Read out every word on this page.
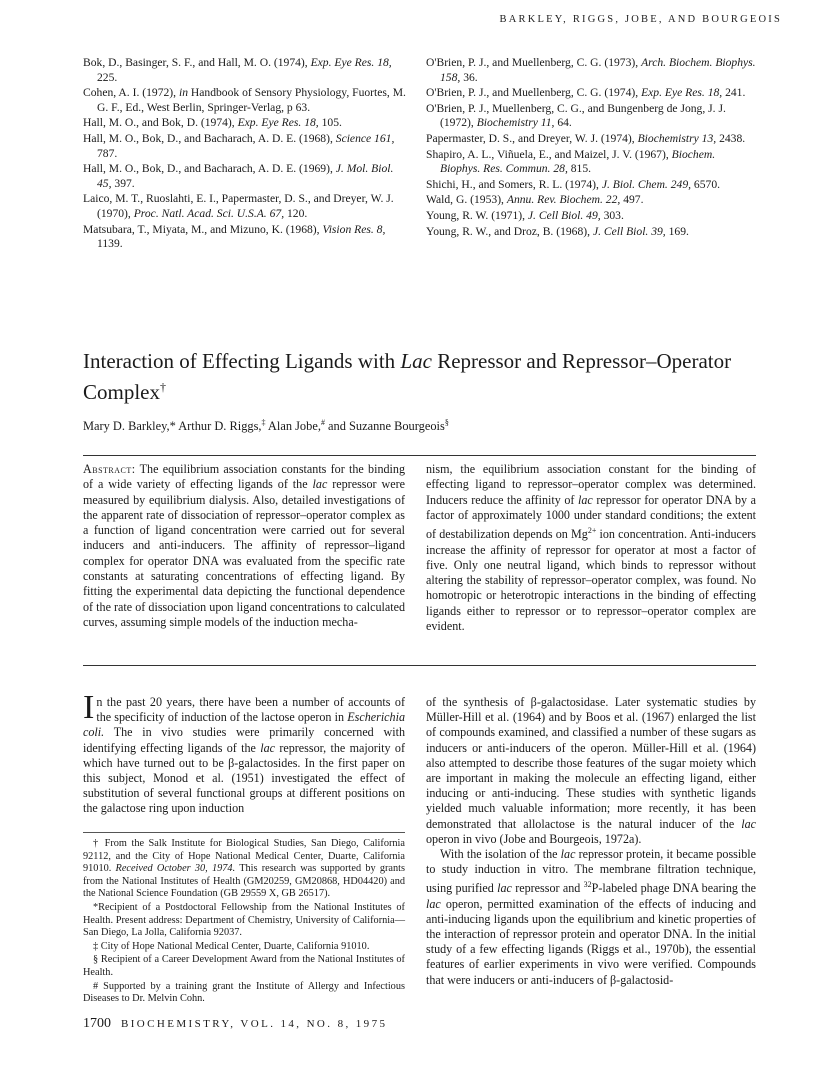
BARKLEY, RIGGS, JOBE, AND BOURGEOIS

Bok, D., Basinger, S. F., and Hall, M. O. (1974), Exp. Eye Res. 18, 225.

Cohen, A. I. (1972), in Handbook of Sensory Physiology, Fuortes, M. G. F., Ed., West Berlin, Springer-Verlag, p 63.

Hall, M. O., and Bok, D. (1974), Exp. Eye Res. 18, 105.

Hall, M. O., Bok, D., and Bacharach, A. D. E. (1968), Science 161, 787.

Hall, M. O., Bok, D., and Bacharach, A. D. E. (1969), J. Mol. Biol. 45, 397.

Laico, M. T., Ruoslahti, E. I., Papermaster, D. S., and Dreyer, W. J. (1970), Proc. Natl. Acad. Sci. U.S.A. 67, 120.

Matsubara, T., Miyata, M., and Mizuno, K. (1968), Vision Res. 8, 1139.

O'Brien, P. J., and Muellenberg, C. G. (1973), Arch. Biochem. Biophys. 158, 36.

O'Brien, P. J., and Muellenberg, C. G. (1974), Exp. Eye Res. 18, 241.

O'Brien, P. J., Muellenberg, C. G., and Bungenberg de Jong, J. J. (1972), Biochemistry 11, 64.

Papermaster, D. S., and Dreyer, W. J. (1974), Biochemistry 13, 2438.

Shapiro, A. L., Viñuela, E., and Maizel, J. V. (1967), Biochem. Biophys. Res. Commun. 28, 815.

Shichi, H., and Somers, R. L. (1974), J. Biol. Chem. 249, 6570.

Wald, G. (1953), Annu. Rev. Biochem. 22, 497.

Young, R. W. (1971), J. Cell Biol. 49, 303.

Young, R. W., and Droz, B. (1968), J. Cell Biol. 39, 169.

Interaction of Effecting Ligands with Lac Repressor and Repressor–Operator Complex†

Mary D. Barkley,* Arthur D. Riggs,‡ Alan Jobe,# and Suzanne Bourgeois§

Abstract: The equilibrium association constants for the binding of a wide variety of effecting ligands of the lac repressor were measured by equilibrium dialysis. Also, detailed investigations of the apparent rate of dissociation of repressor–operator complex as a function of ligand concentration were carried out for several inducers and anti-inducers. The affinity of repressor–ligand complex for operator DNA was evaluated from the specific rate constants at saturating concentrations of effecting ligand. By fitting the experimental data depicting the functional dependence of the rate of dissociation upon ligand concentrations to calculated curves, assuming simple models of the induction mecha-
nism, the equilibrium association constant for the binding of effecting ligand to repressor–operator complex was determined. Inducers reduce the affinity of lac repressor for operator DNA by a factor of approximately 1000 under standard conditions; the extent of destabilization depends on $Mg^{2+}$ ion concentration. Anti-inducers increase the affinity of repressor for operator at most a factor of five. Only one neutral ligand, which binds to repressor without altering the stability of repressor–operator complex, was found. No homotropic or heterotropic interactions in the binding of effecting ligands either to repressor or to repressor–operator complex are evident.

In the past 20 years, there have been a number of accounts of the specificity of induction of the lactose operon in Escherichia coli. The in vivo studies were primarily concerned with identifying effecting ligands of the lac repressor, the majority of which have turned out to be β-galactosides. In the first paper on this subject, Monod et al. (1951) investigated the effect of substitution of several functional groups at different positions on the galactose ring upon induction

† From the Salk Institute for Biological Studies, San Diego, California 92112, and the City of Hope National Medical Center, Duarte, California 91010. Received October 30, 1974. This research was supported by grants from the National Institutes of Health (GM20259, GM20868, HD04420) and the National Science Foundation (GB 29559 X, GB 26517).

*Recipient of a Postdoctoral Fellowship from the National Institutes of Health. Present address: Department of Chemistry, University of California—San Diego, La Jolla, California 92037.

‡ City of Hope National Medical Center, Duarte, California 91010.

§ Recipient of a Career Development Award from the National Institutes of Health.

# Supported by a training grant the Institute of Allergy and Infectious Diseases to Dr. Melvin Cohn.

of the synthesis of β-galactosidase. Later systematic studies by Müller-Hill et al. (1964) and by Boos et al. (1967) enlarged the list of compounds examined, and classified a number of these sugars as inducers or anti-inducers of the operon. Müller-Hill et al. (1964) also attempted to describe those features of the sugar moiety which are important in making the molecule an effecting ligand, either inducing or anti-inducing. These studies with synthetic ligands yielded much valuable information; more recently, it has been demonstrated that allolactose is the natural inducer of the lac operon in vivo (Jobe and Bourgeois, 1972a).

With the isolation of the lac repressor protein, it became possible to study induction in vitro. The membrane filtration technique, using purified lac repressor and $^{32}$P-labeled phage DNA bearing the lac operon, permitted examination of the effects of inducing and anti-inducing ligands upon the equilibrium and kinetic properties of the interaction of repressor protein and operator DNA. In the initial study of a few effecting ligands (Riggs et al., 1970b), the essential features of earlier experiments in vivo were verified. Compounds that were inducers or anti-inducers of β-galactosid-

1700 BIOCHEMISTRY, VOL. 14, NO. 8, 1975
